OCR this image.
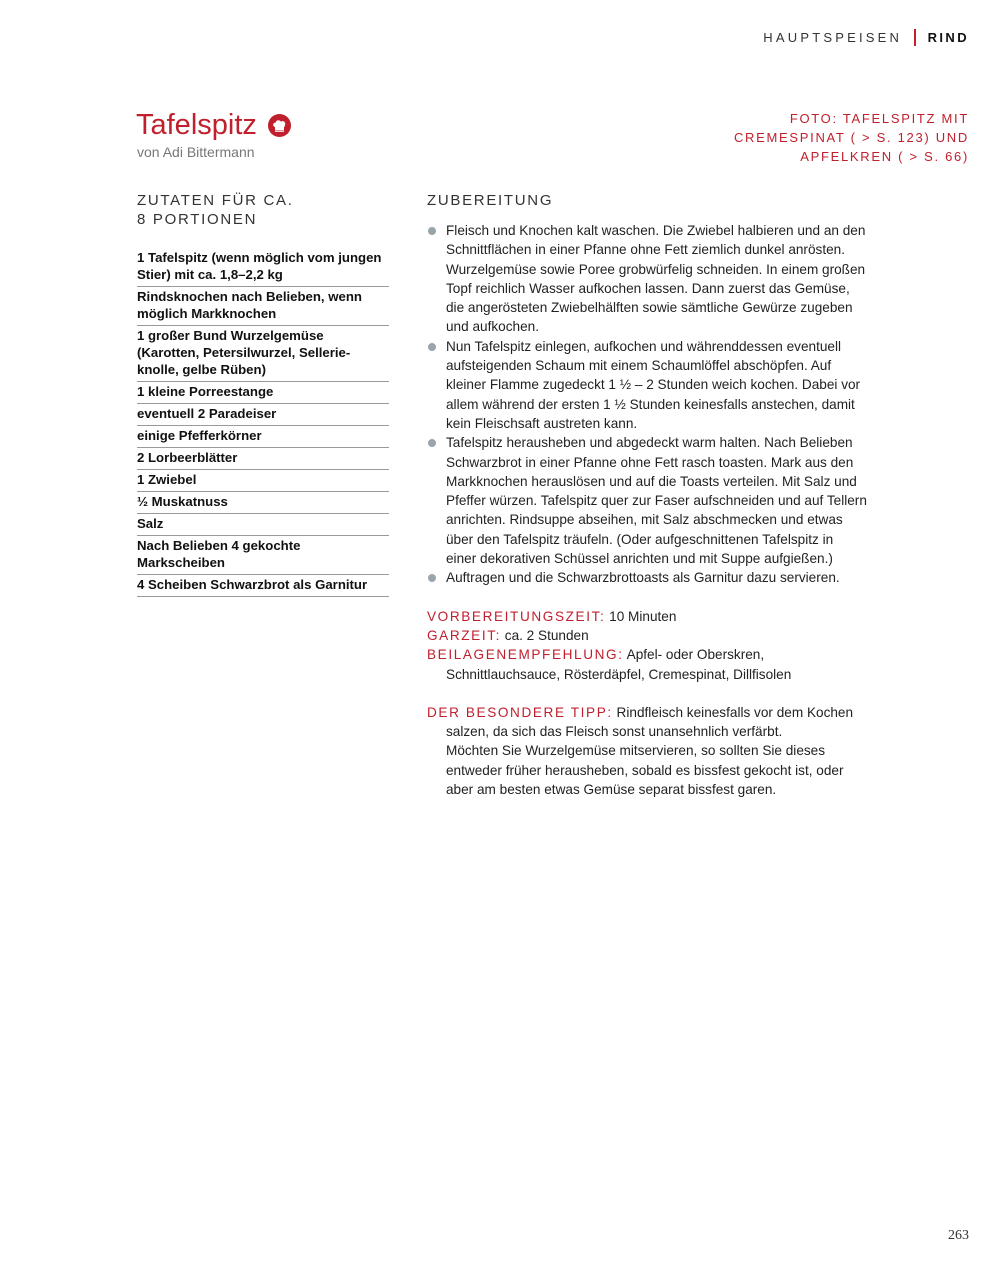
HAUPTSPEISEN RIND
Tafelspitz
von Adi Bittermann
FOTO: TAFELSPITZ MIT
CREMESPINAT ( > S. 123) UND
APFELKREN ( > S. 66)
ZUTATEN FÜR CA.
8 PORTIONEN
1 Tafelspitz (wenn möglich vom jungen Stier) mit ca. 1,8–2,2 kg
Rindsknochen nach Belieben, wenn möglich Markknochen
1 großer Bund Wurzelgemüse (Karotten, Petersilwurzel, Sellerie-knolle, gelbe Rüben)
1 kleine Porreestange
eventuell 2 Paradeiser
einige Pfefferkörner
2 Lorbeerblätter
1 Zwiebel
½ Muskatnuss
Salz
Nach Belieben 4 gekochte Markscheiben
4 Scheiben Schwarzbrot als Garnitur
ZUBEREITUNG
Fleisch und Knochen kalt waschen. Die Zwiebel halbieren und an den Schnittflächen in einer Pfanne ohne Fett ziemlich dunkel anrösten. Wurzelgemüse sowie Poree grobwürfelig schneiden. In einem großen Topf reichlich Wasser aufkochen lassen. Dann zuerst das Gemüse, die angerösteten Zwiebelhälften sowie sämtliche Gewürze zugeben und aufkochen.
Nun Tafelspitz einlegen, aufkochen und währenddessen eventuell aufsteigenden Schaum mit einem Schaumlöffel abschöpfen. Auf kleiner Flamme zugedeckt 1 ½ – 2 Stunden weich kochen. Dabei vor allem während der ersten 1 ½ Stunden keinesfalls anstechen, damit kein Fleischsaft austreten kann.
Tafelspitz herausheben und abgedeckt warm halten. Nach Belieben Schwarzbrot in einer Pfanne ohne Fett rasch toasten. Mark aus den Markknochen herauslösen und auf die Toasts verteilen. Mit Salz und Pfeffer würzen. Tafelspitz quer zur Faser aufschneiden und auf Tellern anrichten. Rindsuppe abseihen, mit Salz abschmecken und etwas über den Tafelspitz träufeln. (Oder aufgeschnittenen Tafelspitz in einer dekorativen Schüssel anrichten und mit Suppe aufgießen.)
Auftragen und die Schwarzbrottoasts als Garnitur dazu servieren.

VORBEREITUNGSZEIT: 10 Minuten

GARZEIT: ca. 2 Stunden

BEILAGENEMPFEHLUNG: Apfel- oder Oberskren, Schnittlauchsauce, Rösterdäpfel, Cremespinat, Dillfisolen

DER BESONDERE TIPP: Rindfleisch keinesfalls vor dem Kochen salzen, da sich das Fleisch sonst unansehnlich verfärbt.

Möchten Sie Wurzelgemüse mitservieren, so sollten Sie dieses entweder früher herausheben, sobald es bissfest gekocht ist, oder aber am besten etwas Gemüse separat bissfest garen.

263
